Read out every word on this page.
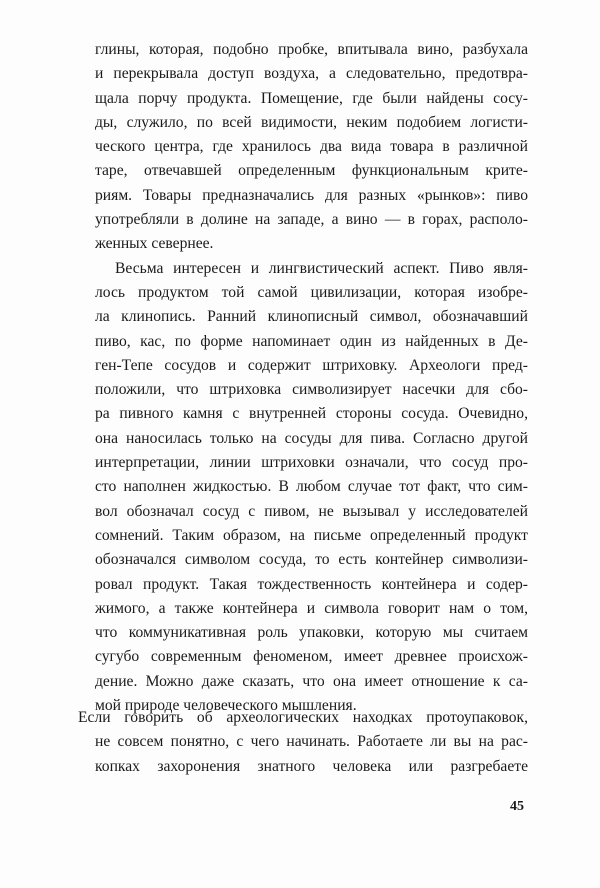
глины, которая, подобно пробке, впитывала вино, разбухала
и перекрывала доступ воздуха, а следовательно, предотвра-
щала порчу продукта. Помещение, где были найдены сосу-
ды, служило, по всей видимости, неким подобием логисти-
ческого центра, где хранилось два вида товара в различной
таре, отвечавшей определенным функциональным крите-
риям. Товары предназначались для разных «рынков»: пиво
употребляли в долине на западе, а вино — в горах, располо-
женных севернее.
Весьма интересен и лингвистический аспект. Пиво явля-
лось продуктом той самой цивилизации, которая изобре-
ла клинопись. Ранний клинописный символ, обозначавший
пиво, кас, по форме напоминает один из найденных в Де-
ген-Тепе сосудов и содержит штриховку. Археологи пред-
положили, что штриховка символизирует насечки для сбо-
ра пивного камня с внутренней стороны сосуда. Очевидно,
она наносилась только на сосуды для пива. Согласно другой
интерпретации, линии штриховки означали, что сосуд про-
сто наполнен жидкостью. В любом случае тот факт, что сим-
вол обозначал сосуд с пивом, не вызывал у исследователей
сомнений. Таким образом, на письме определенный продукт
обозначался символом сосуда, то есть контейнер символизи-
ровал продукт. Такая тождественность контейнера и содер-
жимого, а также контейнера и символа говорит нам о том,
что коммуникативная роль упаковки, которую мы считаем
сугубо современным феноменом, имеет древнее происхож-
дение. Можно даже сказать, что она имеет отношение к са-
мой природе человеческого мышления.
Если говорить об археологических находках протоупаковок,
не совсем понятно, с чего начинать. Работаете ли вы на рас-
копках захоронения знатного человека или разгребаете
45
